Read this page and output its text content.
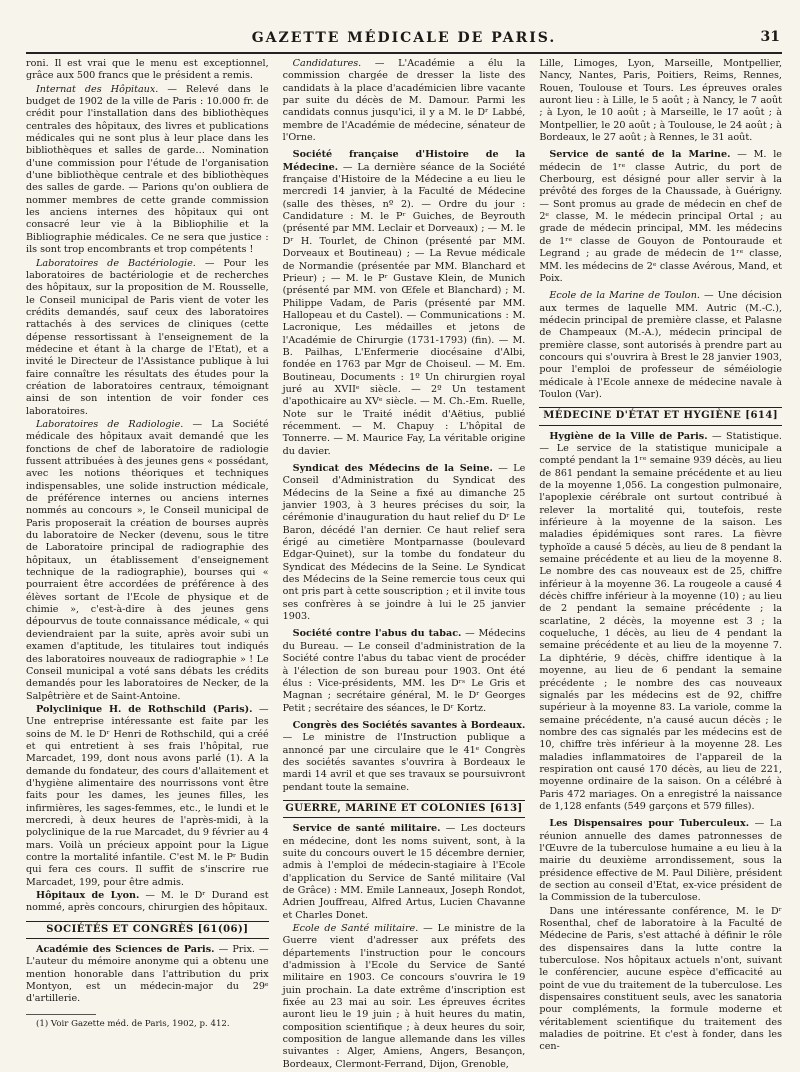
GAZETTE MÉDICALE DE PARIS.	31

roni. Il est vrai que le menu est exceptionnel, grâce aux 500 francs que le président a remis.

Internat des Hôpitaux. — Relevé dans le budget de 1902 de la ville de Paris : 10.000 fr. de crédit pour l'installation dans des bibliothèques centrales des hôpitaux, des livres et publications médicales qui ne sont plus à leur place dans les bibliothèques et salles de garde… Nomination d'une commission pour l'étude de l'organisation d'une bibliothèque centrale et des bibliothèques des salles de garde. — Parions qu'on oubliera de nommer membres de cette grande commission les anciens internes des hôpitaux qui ont consacré leur vie à la Bibliophilie et la Bibliographie médicales. Ce ne sera que justice : ils sont trop encombrants et trop compétents !

Laboratoires de Bactériologie. — Pour les laboratoires de bactériologie et de recherches des hôpitaux, sur la proposition de M. Rousselle, le Conseil municipal de Paris vient de voter les crédits demandés, sauf ceux des laboratoires rattachés à des services de cliniques (cette dépense ressortissant à l'enseignement de la médecine et étant à la charge de l'Etat), et a invité le Directeur de l'Assistance publique à lui faire connaître les résultats des études pour la création de laboratoires centraux, témoignant ainsi de son intention de voir fonder ces laboratoires.

Laboratoires de Radiologie. — La Société médicale des hôpitaux avait demandé que les fonctions de chef de laboratoire de radiologie fussent attribuées à des jeunes gens « possédant, avec les notions théoriques et techniques indispensables, une solide instruction médicale, de préférence internes ou anciens internes nommés au concours », le Conseil municipal de Paris proposerait la création de bourses auprès du laboratoire de Necker (devenu, sous le titre de Laboratoire principal de radiographie des hôpitaux, un établissement d'enseignement technique de la radiographie), bourses qui « pourraient être accordées de préférence à des élèves sortant de l'Ecole de physique et de chimie », c'est-à-dire à des jeunes gens dépourvus de toute connaissance médicale, « qui deviendraient par la suite, après avoir subi un examen d'aptitude, les titulaires tout indiqués des laboratoires nouveaux de radiographie » ! Le Conseil municipal a voté sans débats les crédits demandés pour les laboratoires de Necker, de la Salpêtrière et de Saint-Antoine.

Polyclinique H. de Rothschild (Paris). — Une entreprise intéressante est faite par les soins de M. le Dʳ Henri de Rothschild, qui a créé et qui entretient à ses frais l'hôpital, rue Marcadet, 199, dont nous avons parlé (1). A la demande du fondateur, des cours d'allaitement et d'hygiène alimentaire des nourrissons vont être faits pour les dames, les jeunes filles, les infirmières, les sages-femmes, etc., le lundi et le mercredi, à deux heures de l'après-midi, à la polyclinique de la rue Marcadet, du 9 février au 4 mars. Voilà un précieux appoint pour la Ligue contre la mortalité infantile. C'est M. le Pʳ Budin qui fera ces cours. Il suffit de s'inscrire rue Marcadet, 199, pour être admis.

Hôpitaux de Lyon. — M. le Dʳ Durand est nommé, après concours, chirurgien des hôpitaux.

SOCIÉTÉS ET CONGRÈS [61(06)]

Académie des Sciences de Paris. — Prix. — L'auteur du mémoire anonyme qui a obtenu une mention honorable dans l'attribution du prix Montyon, est un médecin-major du 29ᵉ d'artillerie.

(1) Voir Gazette méd. de Paris, 1902, p. 412.

Candidatures. — L'Académie a élu la commission chargée de dresser la liste des candidats à la place d'académicien libre vacante par suite du décès de M. Damour. Parmi les candidats connus jusqu'ici, il y a M. le Dʳ Labbé, membre de l'Académie de médecine, sénateur de l'Orne.

Société française d'Histoire de la Médecine. — La dernière séance de la Société française d'Histoire de la Médecine a eu lieu le mercredi 14 janvier, à la Faculté de Médecine (salle des thèses, nº 2). — Ordre du jour : Candidature : M. le Pʳ Guiches, de Beyrouth (présenté par MM. Leclair et Dorveaux) ; — M. le Dʳ H. Tourlet, de Chinon (présenté par MM. Dorveaux et Boutineau) ; — La Revue médicale de Normandie (présentée par MM. Blanchard et Prieur) ; — M. le Pʳ Gustave Klein, de Munich (présenté par MM. von Œfele et Blanchard) ; M. Philippe Vadam, de Paris (présenté par MM. Hallopeau et du Castel). — Communications : M. Lacronique, Les médailles et jetons de l'Académie de Chirurgie (1731-1793) (fin). — M. B. Pailhas, L'Enfermerie diocésaine d'Albi, fondée en 1763 par Mgr de Choiseul. — M. Em. Boutineau, Documents : 1º Un chirurgien royal juré au XVIIᵉ siècle. — 2º Un testament d'apothicaire au XVᵉ siècle. — M. Ch.-Em. Ruelle, Note sur le Traité inédit d'Aëtius, publié récemment. — M. Chapuy : L'hôpital de Tonnerre. — M. Maurice Fay, La véritable origine du davier.

Syndicat des Médecins de la Seine. — Le Conseil d'Administration du Syndicat des Médecins de la Seine a fixé au dimanche 25 janvier 1903, à 3 heures précises du soir, la cérémonie d'inauguration du haut relief du Dʳ Le Baron, décédé l'an dernier. Ce haut relief sera érigé au cimetière Montparnasse (boulevard Edgar-Quinet), sur la tombe du fondateur du Syndicat des Médecins de la Seine. Le Syndicat des Médecins de la Seine remercie tous ceux qui ont pris part à cette souscription ; et il invite tous ses confrères à se joindre à lui le 25 janvier 1903.

Société contre l'abus du tabac. — Médecins du Bureau. — Le conseil d'administration de la Société contre l'abus du tabac vient de procéder à l'élection de son bureau pour 1903. Ont été élus : Vice-présidents, MM. les Dʳˢ Le Gris et Magnan ; secrétaire général, M. le Dʳ Georges Petit ; secrétaire des séances, le Dʳ Kortz.

Congrès des Sociétés savantes à Bordeaux. — Le ministre de l'Instruction publique a annoncé par une circulaire que le 41ᵉ Congrès des sociétés savantes s'ouvrira à Bordeaux le mardi 14 avril et que ses travaux se poursuivront pendant toute la semaine.

GUERRE, MARINE ET COLONIES [613]

Service de santé militaire. — Les docteurs en médecine, dont les noms suivent, sont, à la suite du concours ouvert le 15 décembre dernier, admis à l'emploi de médecin-stagiaire à l'Ecole d'application du Service de Santé militaire (Val de Grâce) : MM. Emile Lanneaux, Joseph Rondot, Adrien Jouffreau, Alfred Artus, Lucien Chavanne et Charles Donet.

Ecole de Santé militaire. — Le ministre de la Guerre vient d'adresser aux préfets des départements l'instruction pour le concours d'admission à l'Ecole du Service de Santé militaire en 1903. Ce concours s'ouvrira le 19 juin prochain. La date extrême d'inscription est fixée au 23 mai au soir. Les épreuves écrites auront lieu le 19 juin ; à huit heures du matin, composition scientifique ; à deux heures du soir, composition de langue allemande dans les villes suivantes : Alger, Amiens, Angers, Besançon, Bordeaux, Clermont-Ferrand, Dijon, Grenoble,

Lille, Limoges, Lyon, Marseille, Montpellier, Nancy, Nantes, Paris, Poitiers, Reims, Rennes, Rouen, Toulouse et Tours. Les épreuves orales auront lieu : à Lille, le 5 août ; à Nancy, le 7 août ; à Lyon, le 10 août ; à Marseille, le 17 août ; à Montpellier, le 20 août ; à Toulouse, le 24 août ; à Bordeaux, le 27 août ; à Rennes, le 31 août.

Service de santé de la Marine. — M. le médecin de 1ʳᵉ classe Autric, du port de Cherbourg, est désigné pour aller servir à la prévôté des forges de la Chaussade, à Guérigny. — Sont promus au grade de médecin en chef de 2ᵉ classe, M. le médecin principal Ortal ; au grade de médecin principal, MM. les médecins de 1ʳᵉ classe de Gouyon de Pontouraude et Legrand ; au grade de médecin de 1ʳᵉ classe, MM. les médecins de 2ᵉ classe Avérous, Mand, et Poix.

Ecole de la Marine de Toulon. — Une décision aux termes de laquelle MM. Autric (M.-C.), médecin principal de première classe, et Palasne de Champeaux (M.-A.), médecin principal de première classe, sont autorisés à prendre part au concours qui s'ouvrira à Brest le 28 janvier 1903, pour l'emploi de professeur de séméiologie médicale à l'Ecole annexe de médecine navale à Toulon (Var).

MÉDECINE D'ÉTAT ET HYGIÈNE [614]

Hygiène de la Ville de Paris. — Statistique. — Le service de la statistique municipale a compté pendant la 1ʳᵉ semaine 939 décès, au lieu de 861 pendant la semaine précédente et au lieu de la moyenne 1,056. La congestion pulmonaire, l'apoplexie cérébrale ont surtout contribué à relever la mortalité qui, toutefois, reste inférieure à la moyenne de la saison. Les maladies épidémiques sont rares. La fièvre typhoïde a causé 5 décès, au lieu de 8 pendant la semaine précédente et au lieu de la moyenne 8. Le nombre des cas nouveaux est de 25, chiffre inférieur à la moyenne 36. La rougeole a causé 4 décès chiffre inférieur à la moyenne (10) ; au lieu de 2 pendant la semaine précédente ; la scarlatine, 2 décès, la moyenne est 3 ; la coqueluche, 1 décès, au lieu de 4 pendant la semaine précédente et au lieu de la moyenne 7. La diphtérie, 9 décès, chiffre identique à la moyenne, au lieu de 6 pendant la semaine précédente ; le nombre des cas nouveaux signalés par les médecins est de 92, chiffre supérieur à la moyenne 83. La variole, comme la semaine précédente, n'a causé aucun décès ; le nombre des cas signalés par les médecins est de 10, chiffre très inférieur à la moyenne 28. Les maladies inflammatoires de l'appareil de la respiration ont causé 170 décès, au lieu de 221, moyenne ordinaire de la saison. On a célébré à Paris 472 mariages. On a enregistré la naissance de 1,128 enfants (549 garçons et 579 filles).

Les Dispensaires pour Tuberculeux. — La réunion annuelle des dames patronnesses de l'Œuvre de la tuberculose humaine a eu lieu à la mairie du deuxième arrondissement, sous la présidence effective de M. Paul Dilière, président de section au conseil d'Etat, ex-vice président de la Commission de la tuberculose.

Dans une intéressante conférence, M. le Dʳ Rosenthal, chef de laboratoire à la Faculté de Médecine de Paris, s'est attaché à définir le rôle des dispensaires dans la lutte contre la tuberculose. Nos hôpitaux actuels n'ont, suivant le conférencier, aucune espèce d'efficacité au point de vue du traitement de la tuberculose. Les dispensaires constituent seuls, avec les sanatoria pour compléments, la formule moderne et véritablement scientifique du traitement des maladies de poitrine. Et c'est à fonder, dans les cen-
